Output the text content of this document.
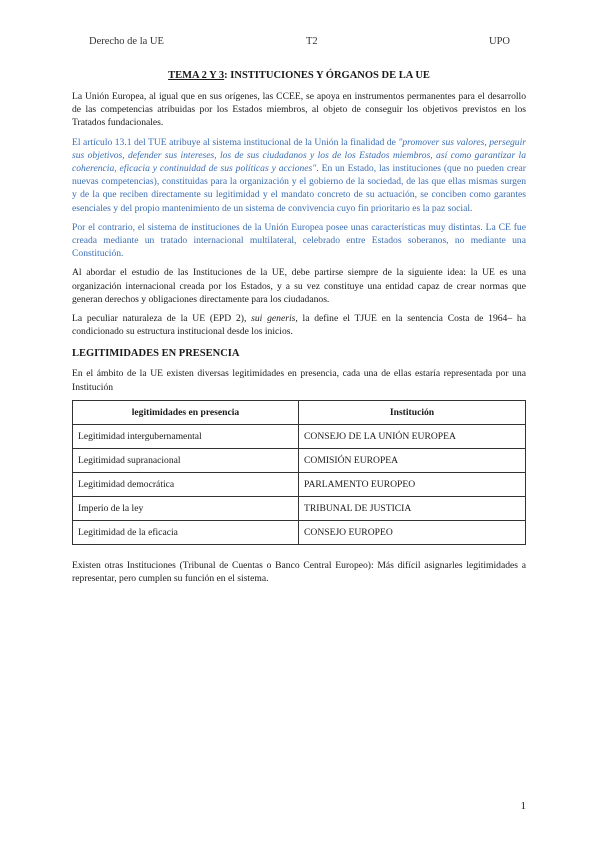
Derecho de la UE	T2	UPO
TEMA 2 Y 3: INSTITUCIONES Y ÓRGANOS DE LA UE

La Unión Europea, al igual que en sus orígenes, las CCEE, se apoya en instrumentos permanentes para el desarrollo de las competencias atribuidas por los Estados miembros, al objeto de conseguir los objetivos previstos en los Tratados fundacionales.

El artículo 13.1 del TUE atribuye al sistema institucional de la Unión la finalidad de "promover sus valores, perseguir sus objetivos, defender sus intereses, los de sus ciudadanos y los de los Estados miembros, así como garantizar la coherencia, eficacia y continuidad de sus políticas y acciones". En un Estado, las instituciones (que no pueden crear nuevas competencias), constituidas para la organización y el gobierno de la sociedad, de las que ellas mismas surgen y de la que reciben directamente su legitimidad y el mandato concreto de su actuación, se conciben como garantes esenciales y del propio mantenimiento de un sistema de convivencia cuyo fin prioritario es la paz social.

Por el contrario, el sistema de instituciones de la Unión Europea posee unas características muy distintas. La CE fue creada mediante un tratado internacional multilateral, celebrado entre Estados soberanos, no mediante una Constitución.

Al abordar el estudio de las Instituciones de la UE, debe partirse siempre de la siguiente idea: la UE es una organización internacional creada por los Estados, y a su vez constituye una entidad capaz de crear normas que generan derechos y obligaciones directamente para los ciudadanos.

La peculiar naturaleza de la UE (EPD 2), sui generis, la define el TJUE en la sentencia Costa de 1964– ha condicionado su estructura institucional desde los inicios.

LEGITIMIDADES EN PRESENCIA

En el ámbito de la UE existen diversas legitimidades en presencia, cada una de ellas estaría representada por una Institución

legitimidades en presencia	Institución
Legitimidad intergubernamental	CONSEJO DE LA UNIÓN EUROPEA
Legitimidad supranacional	COMISIÓN EUROPEA
Legitimidad democrática	PARLAMENTO EUROPEO
Imperio de la ley	TRIBUNAL DE JUSTICIA
Legitimidad de la eficacia	CONSEJO EUROPEO

Existen otras Instituciones (Tribunal de Cuentas o Banco Central Europeo): Más difícil asignarles legitimidades a representar, pero cumplen su función en el sistema.

1
